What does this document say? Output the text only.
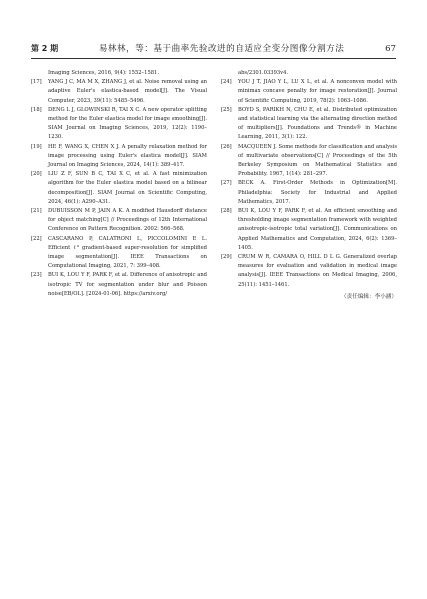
第 2 期	易林林，等：基于曲率先验改进的自适应全变分图像分割方法	67

Imaging Sciences, 2016, 9(4): 1552–1581.

[17]	YANG J C, MA M X, ZHANG J, et al. Noise removal using an adaptive Euler's elastica-based model[J]. The Visual Computer, 2023, 39(11): 5485–5496.
[18]	DENG L J, GLOWINSKI R, TAI X C. A new operator splitting method for the Euler elastica model for image smoothing[J]. SIAM Journal on Imaging Sciences, 2019, 12(2): 1190–1230.
[19]	HE F, WANG X, CHEN X J. A penalty relaxation method for image processing using Euler's elastica model[J]. SIAM Journal on Imaging Sciences, 2024, 14(1): 389–417.
[20]	LIU Z F, SUN B C, TAI X C, et al. A fast minimization algorithm for the Euler elastica model based on a bilinear decomposition[J]. SIAM Journal on Scientific Computing, 2024, 46(1): A290–A31.
[21]	DUBUISSON M P, JAIN A K. A modified Hausdorff distance for object matching[C] // Proceedings of 12th International Conference on Pattern Recognition. 2002: 566–568.
[22]	CASCARANO P, CALATRONI L, PICCOLOMINI E L. Efficient ℓ⁰ gradient-based super-resolution for simplified image segmentation[J]. IEEE Transactions on Computational Imaging, 2021, 7: 399–408.
[23]	BUI K, LOU Y F, PARK F, et al. Difference of anisotropic and isotropic TV for segmentation under blur and Poisson noise[EB/OL]. [2024-01-06]. https://arxiv.org/

abs/2301.03393v4.

[24]	YOU J T, JIAO Y L, LU X L, et al. A nonconvex model with minimax concave penalty for image restoration[J]. Journal of Scientific Computing, 2019, 78(2): 1063–1086.
[25]	BOYD S, PARIKH N, CHU E, et al. Distributed optimization and statistical learning via the alternating direction method of multipliers[J]. Foundations and Trends® in Machine Learning, 2011, 3(1): 122.
[26]	MACQUEEN J. Some methods for classification and analysis of multivariate observations[C] // Proceedings of the 5th Berkeley Symposium on Mathematical Statistics and Probability. 1967, 1(14): 281–297.
[27]	BECK A. First-Order Methods in Optimization[M]. Philadelphia: Society for Industrial and Applied Mathematics, 2017.
[28]	BUI K, LOU Y F, PARK F, et al. An efficient smoothing and thresholding image segmentation framework with weighted anisotropic-isotropic total variation[J]. Communications on Applied Mathematics and Computation, 2024, 6(2): 1369–1405.
[29]	CRUM W R, CAMARA O, HILL D L G. Generalized overlap measures for evaluation and validation in medical image analysis[J]. IEEE Transactions on Medical Imaging, 2006, 25(11): 1451–1461.
（责任编辑：李小涵）
